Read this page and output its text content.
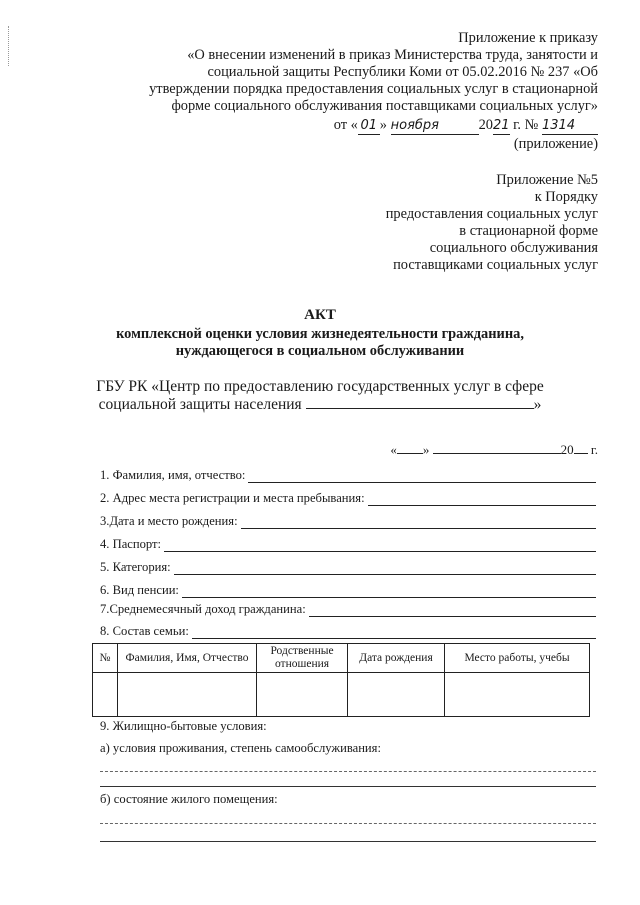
Приложение к приказу
«О внесении изменений в приказ Министерства труда, занятости и
социальной защиты Республики Коми от 05.02.2016 № 237 «Об
утверждении порядка предоставления социальных услуг в стационарной
форме социального обслуживания поставщиками социальных услуг»
от « 01 » ноября	2021 г. № 1314
(приложение)
Приложение №5
к Порядку
предоставления социальных услуг
в стационарной форме
социального обслуживания
поставщиками социальных услуг
АКТ
комплексной оценки условия жизнедеятельности гражданина,
нуждающегося в социальном обслуживании
ГБУ РК «Центр по предоставлению государственных услуг в сфере
социальной защиты населения	»
« »	20 г.
1. Фамилия, имя, отчество:
2. Адрес места регистрации и места пребывания:
3.Дата и место рождения:
4. Паспорт:
5. Категория:
6. Вид пенсии:
7.Среднемесячный доход гражданина:
8. Состав семьи:
№	Фамилия, Имя, Отчество	Родственные отношения	Дата рождения	Место работы, учебы

9. Жилищно-бытовые условия:
а) условия проживания, степень самообслуживания:
б) состояние жилого помещения:
